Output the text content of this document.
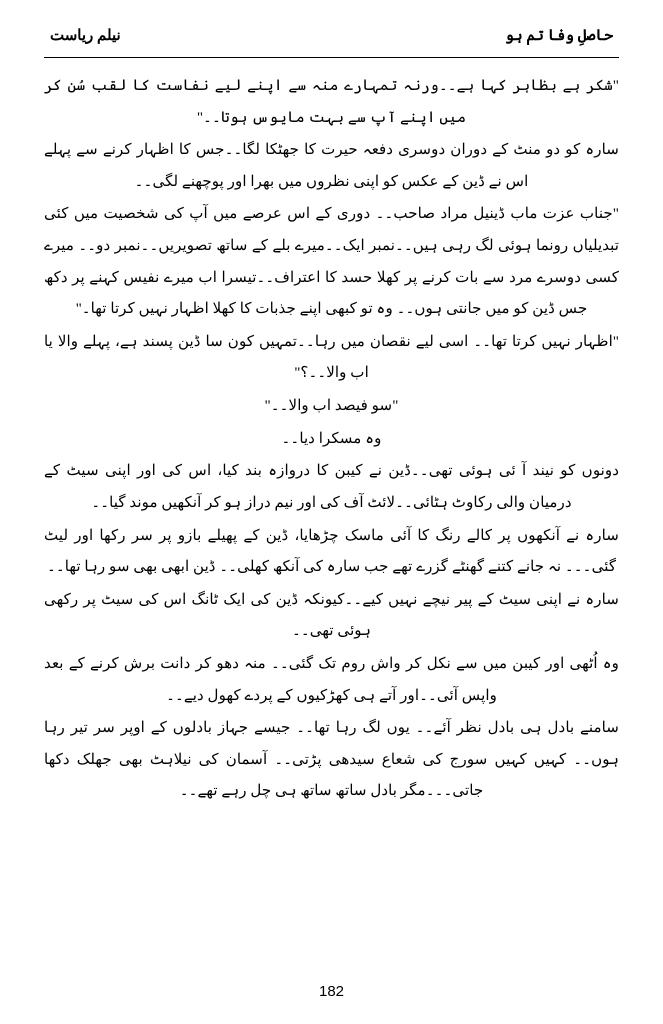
حاصلِ وفا تم ہو
نیلم ریاست

"شکر ہے بظاہر کہا ہے۔۔ورنہ تمہارے منہ سے اپنے لیے نفاست کا لقب سُن کر میں اپنے آپ سے بہت مایوس ہوتا۔۔"

سارہ کو دو منٹ کے دوران دوسری دفعہ حیرت کا جھٹکا لگا۔۔جس کا اظہار کرنے سے پہلے اس نے ڈین کے عکس کو اپنی نظروں میں بھرا اور پوچھنے لگی۔۔

"جناب عزت ماب ڈینیل مراد صاحب۔۔ دوری کے اس عرصے میں آپ کی شخصیت میں کئی تبدیلیاں رونما ہوئی لگ رہی ہیں۔۔نمبر ایک۔۔میرے بلے کے ساتھ تصویریں۔۔نمبر دو۔۔ میرے کسی دوسرے مرد سے بات کرنے پر کھلا حسد کا اعتراف۔۔تیسرا اب میرے نفیس کہنے پر دکھ جس ڈین کو میں جانتی ہوں۔۔ وہ تو کبھی اپنے جذبات کا کھلا اظہار نہیں کرتا تھا۔"

"اظہار نہیں کرتا تھا۔۔ اسی لیے نقصان میں رہا۔۔تمہیں کون سا ڈین پسند ہے، پہلے والا یا اب والا۔۔؟"

"سو فیصد اب والا۔۔"

وہ مسکرا دیا۔۔

دونوں کو نیند آ ئی ہوئی تھی۔۔ڈین نے کیبن کا دروازہ بند کیا، اس کی اور اپنی سیٹ کے درمیان والی رکاوٹ ہٹائی۔۔لائٹ آف کی اور نیم دراز ہو کر آنکھیں موند گیا۔۔

سارہ نے آنکھوں پر کالے رنگ کا آئی ماسک چڑھایا، ڈین کے پھیلے بازو پر سر رکھا اور لیٹ گئی۔۔۔ نہ جانے کتنے گھنٹے گزرے تھے جب سارہ کی آنکھ کھلی۔۔ ڈین ابھی بھی سو رہا تھا۔۔

سارہ نے اپنی سیٹ کے پیر نیچے نہیں کیے۔۔کیونکہ ڈین کی ایک ٹانگ اس کی سیٹ پر رکھی ہوئی تھی۔۔

وہ اُٹھی اور کیبن میں سے نکل کر واش روم تک گئی۔۔ منہ دھو کر دانت برش کرنے کے بعد واپس آئی۔۔اور آتے ہی کھڑکیوں کے پردے کھول دیے۔۔

سامنے بادل ہی بادل نظر آئے۔۔ یوں لگ رہا تھا۔۔ جیسے جہاز بادلوں کے اوپر سر تیر رہا ہوں۔۔ کہیں کہیں سورج کی شعاع سیدھی پڑتی۔۔ آسمان کی نیلاہٹ بھی جھلک دکھا جاتی۔۔۔مگر بادل ساتھ ساتھ ہی چل رہے تھے۔۔

182
